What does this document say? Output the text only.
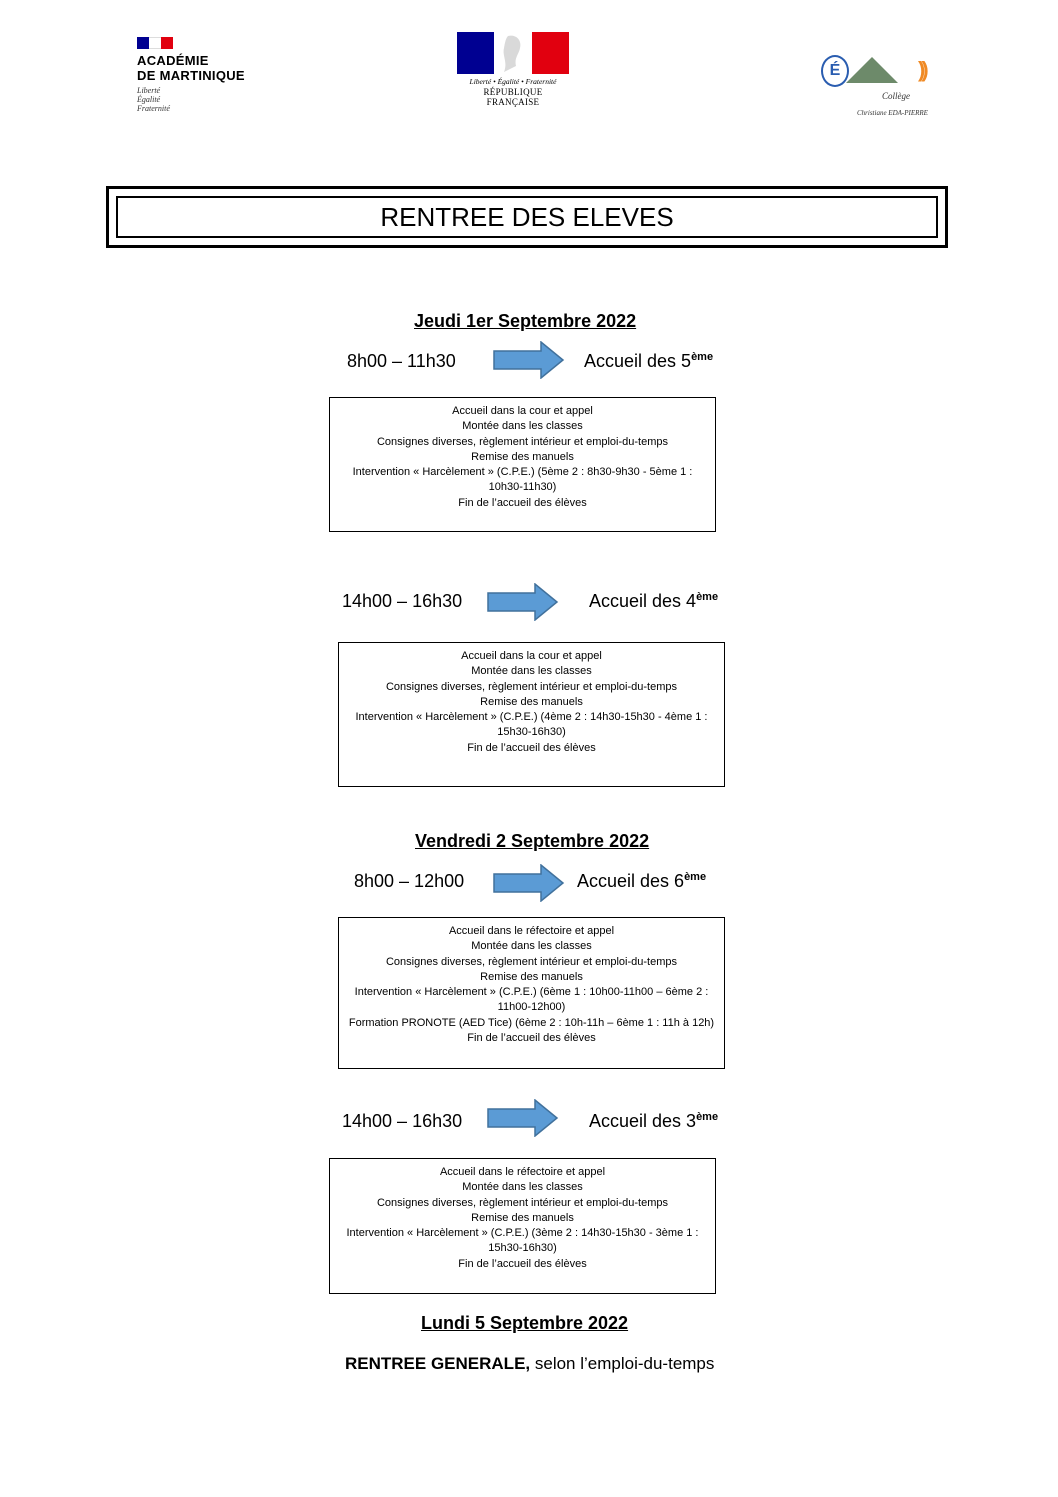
ACADÉMIE
DE MARTINIQUE
Liberté
Égalité
Fraternité
Liberté • Égalité • Fraternité
RÉPUBLIQUE FRANÇAISE
É	))
Collège
Christiane EDA-PIERRE
RENTREE DES ELEVES
Jeudi 1er Septembre 2022
8h00 – 11h30	Accueil des 5ème
Accueil dans la cour et appel
Montée dans les classes
Consignes diverses, règlement intérieur et emploi-du-temps
Remise des manuels
Intervention « Harcèlement » (C.P.E.) (5ème 2 : 8h30-9h30 - 5ème 1 :
10h30-11h30)
Fin de l’accueil des élèves
14h00 – 16h30	Accueil des 4ème
Accueil dans la cour et appel
Montée dans les classes
Consignes diverses, règlement intérieur et emploi-du-temps
Remise des manuels
Intervention « Harcèlement » (C.P.E.) (4ème 2 : 14h30-15h30 - 4ème 1 :
15h30-16h30)
Fin de l’accueil des élèves
Vendredi 2 Septembre 2022
8h00 – 12h00	Accueil des 6ème
Accueil dans le réfectoire et appel
Montée dans les classes
Consignes diverses, règlement intérieur et emploi-du-temps
Remise des manuels
Intervention « Harcèlement » (C.P.E.) (6ème 1 : 10h00-11h00 – 6ème 2 :
11h00-12h00)
Formation PRONOTE (AED Tice) (6ème 2 : 10h-11h – 6ème 1 : 11h à 12h)
Fin de l’accueil des élèves
14h00 – 16h30	Accueil des 3ème
Accueil dans le réfectoire et appel
Montée dans les classes
Consignes diverses, règlement intérieur et emploi-du-temps
Remise des manuels
Intervention « Harcèlement » (C.P.E.) (3ème 2 : 14h30-15h30 - 3ème 1 :
15h30-16h30)
Fin de l’accueil des élèves
Lundi 5 Septembre 2022
RENTREE GENERALE, selon l’emploi-du-temps
